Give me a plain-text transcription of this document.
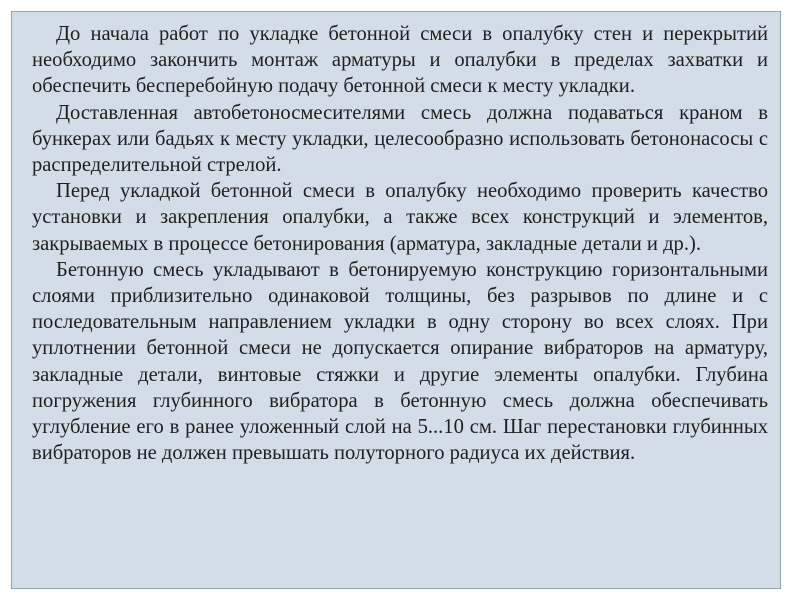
До начала работ по укладке бетонной смеси в опалубку стен и перекрытий необходимо закончить монтаж арматуры и опалубки в пределах захватки и обеспечить бесперебойную подачу бетонной смеси к месту укладки.

Доставленная автобетоносмесителями смесь должна подаваться краном в бункерах или бадьях к месту укладки, целесообразно использовать бетононасосы с распределительной стрелой.

Перед укладкой бетонной смеси в опалубку необходимо проверить качество установки и закрепления опалубки, а также всех конструкций и элементов, закрываемых в процессе бетонирования (арматура, закладные детали и др.).

Бетонную смесь укладывают в бетонируемую конструкцию горизонтальными слоями приблизительно одинаковой толщины, без разрывов по длине и с последовательным направлением укладки в одну сторону во всех слоях. При уплотнении бетонной смеси не допускается опирание вибраторов на арматуру, закладные детали, винтовые стяжки и другие элементы опалубки. Глубина погружения глубинного вибратора в бетонную смесь должна обеспечивать углубление его в ранее уложенный слой на 5...10 см. Шаг перестановки глубинных вибраторов не должен превышать полуторного радиуса их действия.
